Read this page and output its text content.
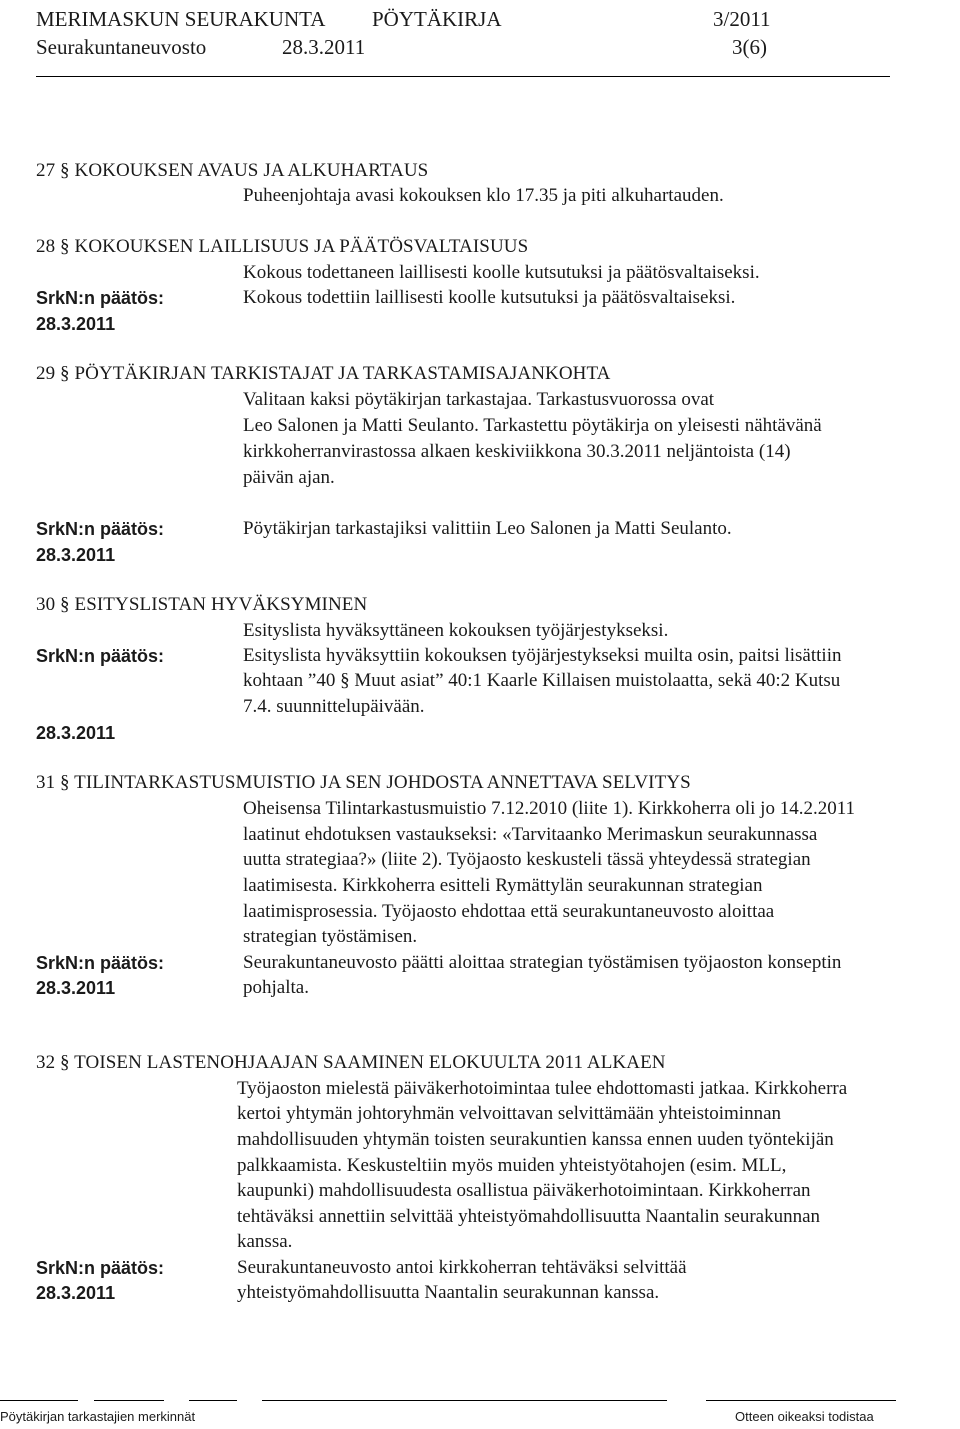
MERIMASKUN SEURAKUNTA PÖYTÄKIRJA	3/2011
Seurakuntaneuvosto	28.3.2011	3(6)
27 § KOKOUKSEN AVAUS JA ALKUHARTAUS
Puheenjohtaja avasi kokouksen klo 17.35 ja piti alkuhartauden.
28 § KOKOUKSEN LAILLISUUS JA PÄÄTÖSVALTAISUUS
Kokous todettaneen laillisesti koolle kutsutuksi ja päätösvaltaiseksi.
SrkN:n päätös:	Kokous todettiin laillisesti koolle kutsutuksi ja päätösvaltaiseksi.
28.3.2011
29 § PÖYTÄKIRJAN TARKISTAJAT JA TARKASTAMISAJANKOHTA
Valitaan kaksi pöytäkirjan tarkastajaa. Tarkastusvuorossa ovat
Leo Salonen ja Matti Seulanto. Tarkastettu pöytäkirja on yleisesti nähtävänä
kirkkoherranvirastossa alkaen keskiviikkona 30.3.2011 neljäntoista (14)
päivän ajan.
SrkN:n päätös:	Pöytäkirjan tarkastajiksi valittiin Leo Salonen ja Matti Seulanto.
28.3.2011
30 § ESITYSLISTAN HYVÄKSYMINEN
Esityslista hyväksyttäneen kokouksen työjärjestykseksi.
SrkN:n päätös:	Esityslista hyväksyttiin kokouksen työjärjestykseksi muilta osin, paitsi lisättiin
kohtaan ”40 § Muut asiat” 40:1 Kaarle Killaisen muistolaatta, sekä 40:2 Kutsu
7.4. suunnittelupäivään.
28.3.2011
31 § TILINTARKASTUSMUISTIO JA SEN JOHDOSTA ANNETTAVA SELVITYS
Oheisensa Tilintarkastusmuistio 7.12.2010 (liite 1). Kirkkoherra oli jo 14.2.2011
laatinut ehdotuksen vastaukseksi: «Tarvitaanko Merimaskun seurakunnassa
uutta strategiaa?» (liite 2). Työjaosto keskusteli tässä yhteydessä strategian
laatimisesta. Kirkkoherra esitteli Rymättylän seurakunnan strategian
laatimisprosessia. Työjaosto ehdottaa että seurakuntaneuvosto aloittaa
strategian työstämisen.
SrkN:n päätös:	Seurakuntaneuvosto päätti aloittaa strategian työstämisen työjaoston konseptin
pohjalta.
28.3.2011
32 § TOISEN LASTENOHJAAJAN SAAMINEN ELOKUULTA 2011 ALKAEN
Työjaoston mielestä päiväkerhotoimintaa tulee ehdottomasti jatkaa. Kirkkoherra
kertoi yhtymän johtoryhmän velvoittavan selvittämään yhteistoiminnan
mahdollisuuden yhtymän toisten seurakuntien kanssa ennen uuden työntekijän
palkkaamista. Keskusteltiin myös muiden yhteistyötahojen (esim. MLL,
kaupunki) mahdollisuudesta osallistua päiväkerhotoimintaan. Kirkkoherran
tehtäväksi annettiin selvittää yhteistyömahdollisuutta Naantalin seurakunnan
kanssa.
SrkN:n päätös:	Seurakuntaneuvosto antoi kirkkoherran tehtäväksi selvittää
yhteistyömahdollisuutta Naantalin seurakunnan kanssa.
28.3.2011
Pöytäkirjan tarkastajien merkinnät	Otteen oikeaksi todistaa
